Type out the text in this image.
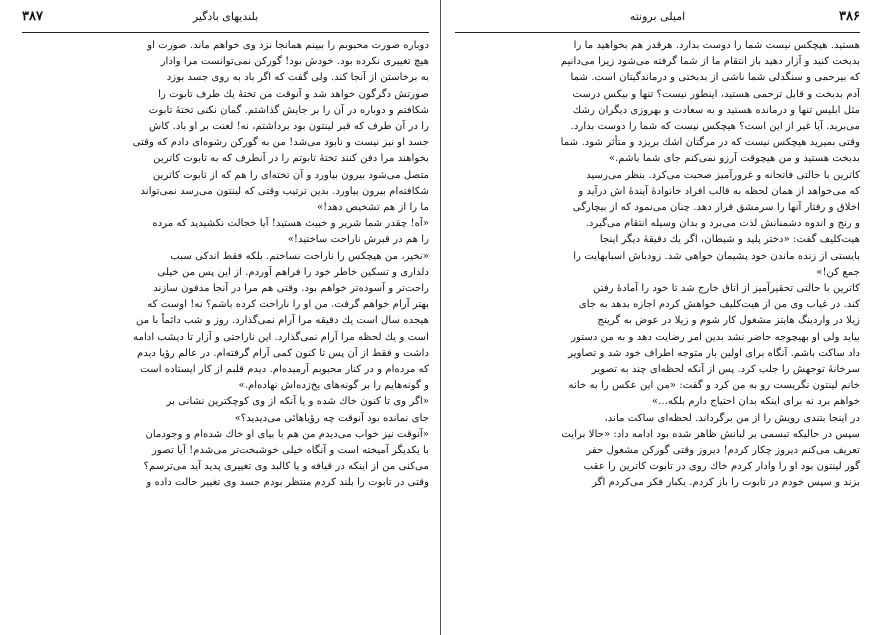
۳۸۷	بلندیهای بادگیر
دوباره صورت محبوبم را ببینم همانجا نزد وی خواهم ماند. صورت او
هیچ تغییری نکرده بود. خودش بود! گورکن نمی‌توانست مرا وادار
به برخاستن از آنجا کند. ولی گفت که اگر باد به روی جسد بوزد
صورتش دگرگون خواهد شد و آنوقت من تختهٔ یك طرف تابوت را
شکافتم و دوباره در آن را بر جایش گذاشتم. گمان نکنی تختهٔ تابوت
را در آن طرف که قبر لینتون بود برداشتم، نه! لعنت بر او باد. کاش
جسد او نیز نیست و نابود می‌شد! من به گورکن رشوه‌ای دادم که وقتی
بخواهند مرا دفن کنند تختهٔ تابوتم را در آنطرف که به تابوت کاترین
متصل می‌شود بیرون بیاورد و آن تخته‌ای را هم که از تابوت کاترین
شکافته‌ام بیرون بیاورد. بدین ترتیب وقتی که لینتون می‌رسد نمی‌تواند
ما را از هم تشخیص دهد!»
«آه! چقدر شما شریر و خبیث هستید! آیا خجالت نکشیدید که مرده
را هم در قبرش ناراحت ساختید!»
«نخیر، من هیچکس را ناراحت نساختم. بلکه فقط اندکی سبب
دلداری و تسکین خاطر خود را فراهم آوردم. از این پس من خیلی
راحت‌تر و آسوده‌تر خواهم بود. وقتی هم مرا در آنجا مدفون سازند
بهتر آرام خواهم گرفت. من او را ناراحت کرده باشم؟ نه! اوست که
هیجده سال است یك دقیقه مرا آرام نمی‌گذارد. روز و شب دائماً با من
است و یك لحظه مرا آرام نمی‌گذارد. این ناراحتی و آزار تا دیشب ادامه
داشت و فقط از آن پس تا کنون کمی آرام گرفته‌ام. در عالم رؤیا دیدم
که مرده‌ام و در کنار محبوبم آرمیده‌ام. دیدم قلبم از کار ایستاده است
و گونه‌هایم را بر گونه‌های یخ‌زده‌اش نهاده‌ام.»
«اگر وی تا کنون خاك شده و یا آنکه از وی کوچکترین نشانی بر
جای نمانده بود آنوقت چه رؤیاهائی می‌دیدید؟»
«آنوقت نیز خواب می‌دیدم من هم با بیای او خاك شده‌ام و وجودمان
با یکدیگر آمیخته است و آنگاه خیلی خوشبخت‌تر می‌شدم! آیا تصور
می‌کنی من از اینکه در قیافه و یا کالبد وی تغییری پدید آید می‌ترسم؟
وقتی در تابوت را بلند کردم منتظر بودم جسد وی تغییر حالت داده و
۳۸۶
امیلی برونته
هستید. هیچکس نیست شما را دوست بدارد. هرقدر هم بخواهید ما را
بدبخت کنید و آزار دهید باز انتقام ما از شما گرفته می‌شود زیرا می‌دانیم
که بیرحمی و سنگدلی شما ناشی از بدبختی و درماندگیتان است. شما
آدم بدبخت و قابل ترحمی هستید، اینطور نیست؟ تنها و بیکس درست
مثل ابلیس تنها و درمانده هستید و به سعادت و بهروزی دیگران رشك
می‌برید. آیا غیر از این است؟ هیچکس نیست که شما را دوست بدارد.
وقتی بمیرید هیچکس نیست که در مرگتان اشك بریزد و متأثر شود. شما
بدبخت هستید و من هیچوقت آرزو نمی‌کنم جای شما باشم.»
کاترین با حالتی فاتحانه و غرورآمیز صحبت می‌کرد. بنظر می‌رسید
که می‌خواهد از همان لحظه به قالب افراد خانوادهٔ آیندهٔ اش درآید و
اخلاق و رفتار آنها را سرمشق قرار دهد. چنان می‌نمود که از بیچارگی
و رنج و اندوه دشمنانش لذت می‌برد و بدان وسیله انتقام می‌گیرد.
هیت‌کلیف گفت: «دختر پلید و شیطان، اگر یك دقیقهٔ دیگر اینجا
بایستی از زنده ماندن خود پشیمان خواهی شد. زودباش اسبابهایت را
جمع کن!»
کاترین با حالتی تحقیرآمیز از اتاق خارج شد تا خود را آمادهٔ رفتن
کند. در غیاب وی من از هیت‌کلیف خواهش کردم اجازه بدهد به جای
زیلا در واردینگ هایتز مشغول کار شوم و زیلا در عوض به گرینج
بیاید ولی او بهیچوجه حاضر نشد بدین امر رضایت دهد و به من دستور
داد ساکت باشم. آنگاه برای اولین بار متوجه اطراف خود شد و تصاویر
سرخانهٔ توجهش را جلب کرد. پس از آنکه لحظه‌ای چند به تصویر
خانم لینتون نگریست رو به من کرد و گفت: «من این عکس را به خانه
خواهم برد نه برای اینکه بدان احتیاج دارم بلکه...»
در اینجا بتندی رویش را از من برگرداند. لحظه‌ای ساکت ماند،
سپس در حالیکه تبسمی بر لبانش ظاهر شده بود ادامه داد: «حالا برایت
تعریف می‌کنم دیروز چکار کردم! دیروز وقتی گورکن مشغول حفر
گور لینتون بود او را وادار کردم خاك روی در تابوت کاترین را عقب
بزند و سپس خودم در تابوت را باز کردم. یکبار فکر می‌کردم اگر
